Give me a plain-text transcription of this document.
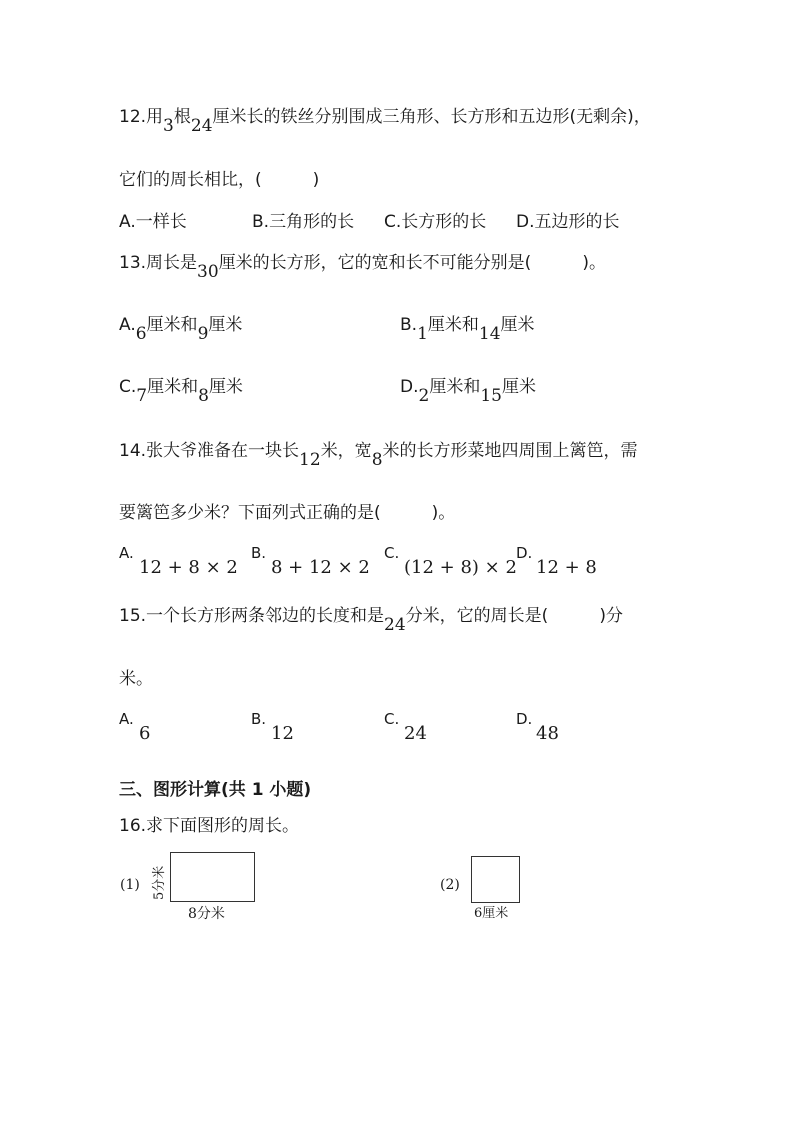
12.用3根24厘米长的铁丝分别围成三角形、长方形和五边形(无剩余)，
它们的周长相比，(　　　)
A.一样长	B.三角形的长 C.长方形的长 D.五边形的长
13.周长是30厘米的长方形，它的宽和长不可能分别是(　　　)。
A.6厘米和9厘米	B.1厘米和14厘米
C.7厘米和8厘米	D.2厘米和15厘米
14.张大爷准备在一块长12米，宽8米的长方形菜地四周围上篱笆，需
要篱笆多少米？下面列式正确的是(　　　)。
A.
12 + 8 × 2
B.
8 + 12 × 2
C.
(12 + 8) × 2
D.
12 + 8
15.一个长方形两条邻边的长度和是24分米，它的周长是(　　　)分
米。
A.
6
B.
12
C.
24
D.
48
三、图形计算(共 1 小题)
16.求下面图形的周长。
(1) 5分米
8分米
(2)
6厘米
